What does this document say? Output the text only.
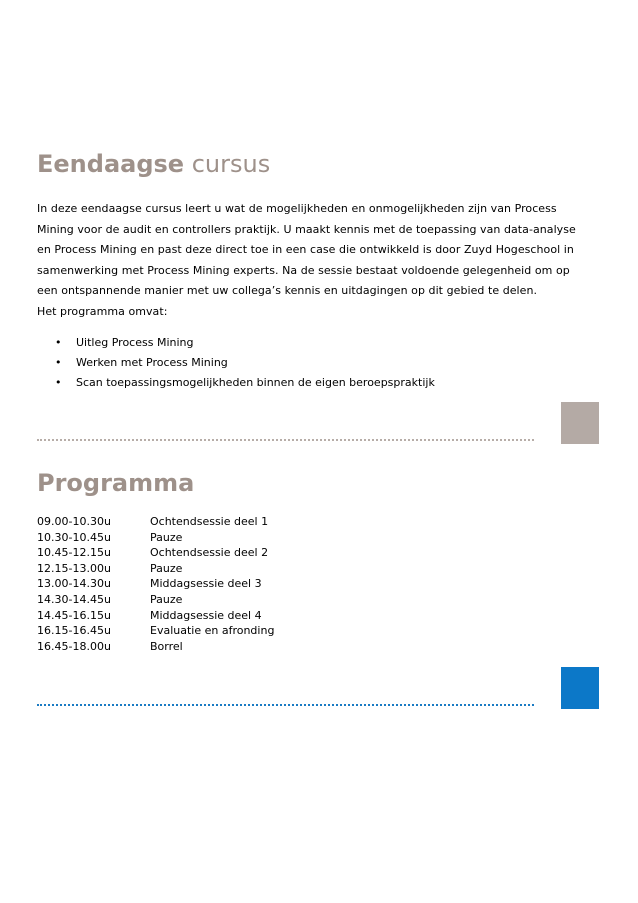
Eendaagse cursus

In deze eendaagse cursus leert u wat de mogelijkheden en onmogelijkheden zijn van Process
Mining voor de audit en controllers praktijk. U maakt kennis met de toepassing van data-analyse
en Process Mining en past deze direct toe in een case die ontwikkeld is door Zuyd Hogeschool in
samenwerking met Process Mining experts. Na de sessie bestaat voldoende gelegenheid om op
een ontspannende manier met uw collega’s kennis en uitdagingen op dit gebied te delen.
Het programma omvat:

• Uitleg Process Mining
• Werken met Process Mining
• Scan toepassingsmogelijkheden binnen de eigen beroepspraktijk
Programma
09.00-10.30u	Ochtendsessie deel 1
10.30-10.45u	Pauze
10.45-12.15u	Ochtendsessie deel 2
12.15-13.00u	Pauze
13.00-14.30u	Middagsessie deel 3
14.30-14.45u	Pauze
14.45-16.15u	Middagsessie deel 4
16.15-16.45u	Evaluatie en afronding
16.45-18.00u	Borrel
